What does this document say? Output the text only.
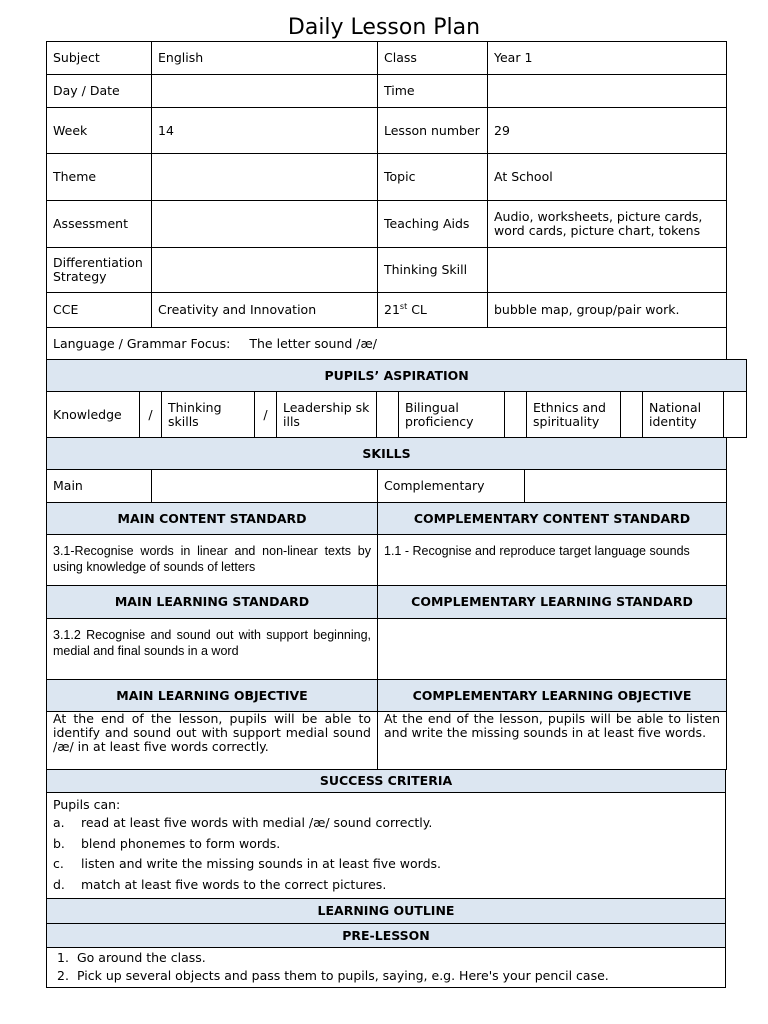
Daily Lesson Plan
Subject	English	Class	Year 1
Day / Date		Time	
Week	14	Lesson number	29
Theme		Topic	At School
Assessment		Teaching Aids	Audio, worksheets, picture cards, word cards, picture chart, tokens
Differentiation Strategy		Thinking Skill	
CCE	Creativity and Innovation	21st CL	bubble map, group/pair work.
Language / Grammar Focus: The letter sound /æ/			
PUPILS’ ASPIRATION
Knowledge	/	Thinking skills	/	Leadership skills		Bilingual proficiency		Ethnics and spirituality		National identity	
SKILLS
Main		Complementary	
MAIN CONTENT STANDARD	COMPLEMENTARY CONTENT STANDARD
3.1-Recognise words in linear and non-linear texts by using knowledge of sounds of letters	1.1 - Recognise and reproduce target language sounds
MAIN LEARNING STANDARD	COMPLEMENTARY LEARNING STANDARD
3.1.2 Recognise and sound out with support beginning, medial and final sounds in a word	
MAIN LEARNING OBJECTIVE	COMPLEMENTARY LEARNING OBJECTIVE
At the end of the lesson, pupils will be able to identify and sound out with support medial sound /æ/ in at least five words correctly.	At the end of the lesson, pupils will be able to listen and write the missing sounds in at least five words.
SUCCESS CRITERIA

Pupils can:
a.	read at least five words with medial /æ/ sound correctly.
b.	blend phonemes to form words.
c.	listen and write the missing sounds in at least five words.
d.	match at least five words to the correct pictures.
LEARNING OUTLINE
PRE-LESSON

1. Go around the class.
2. Pick up several objects and pass them to pupils, saying, e.g. Here's your pencil case.
